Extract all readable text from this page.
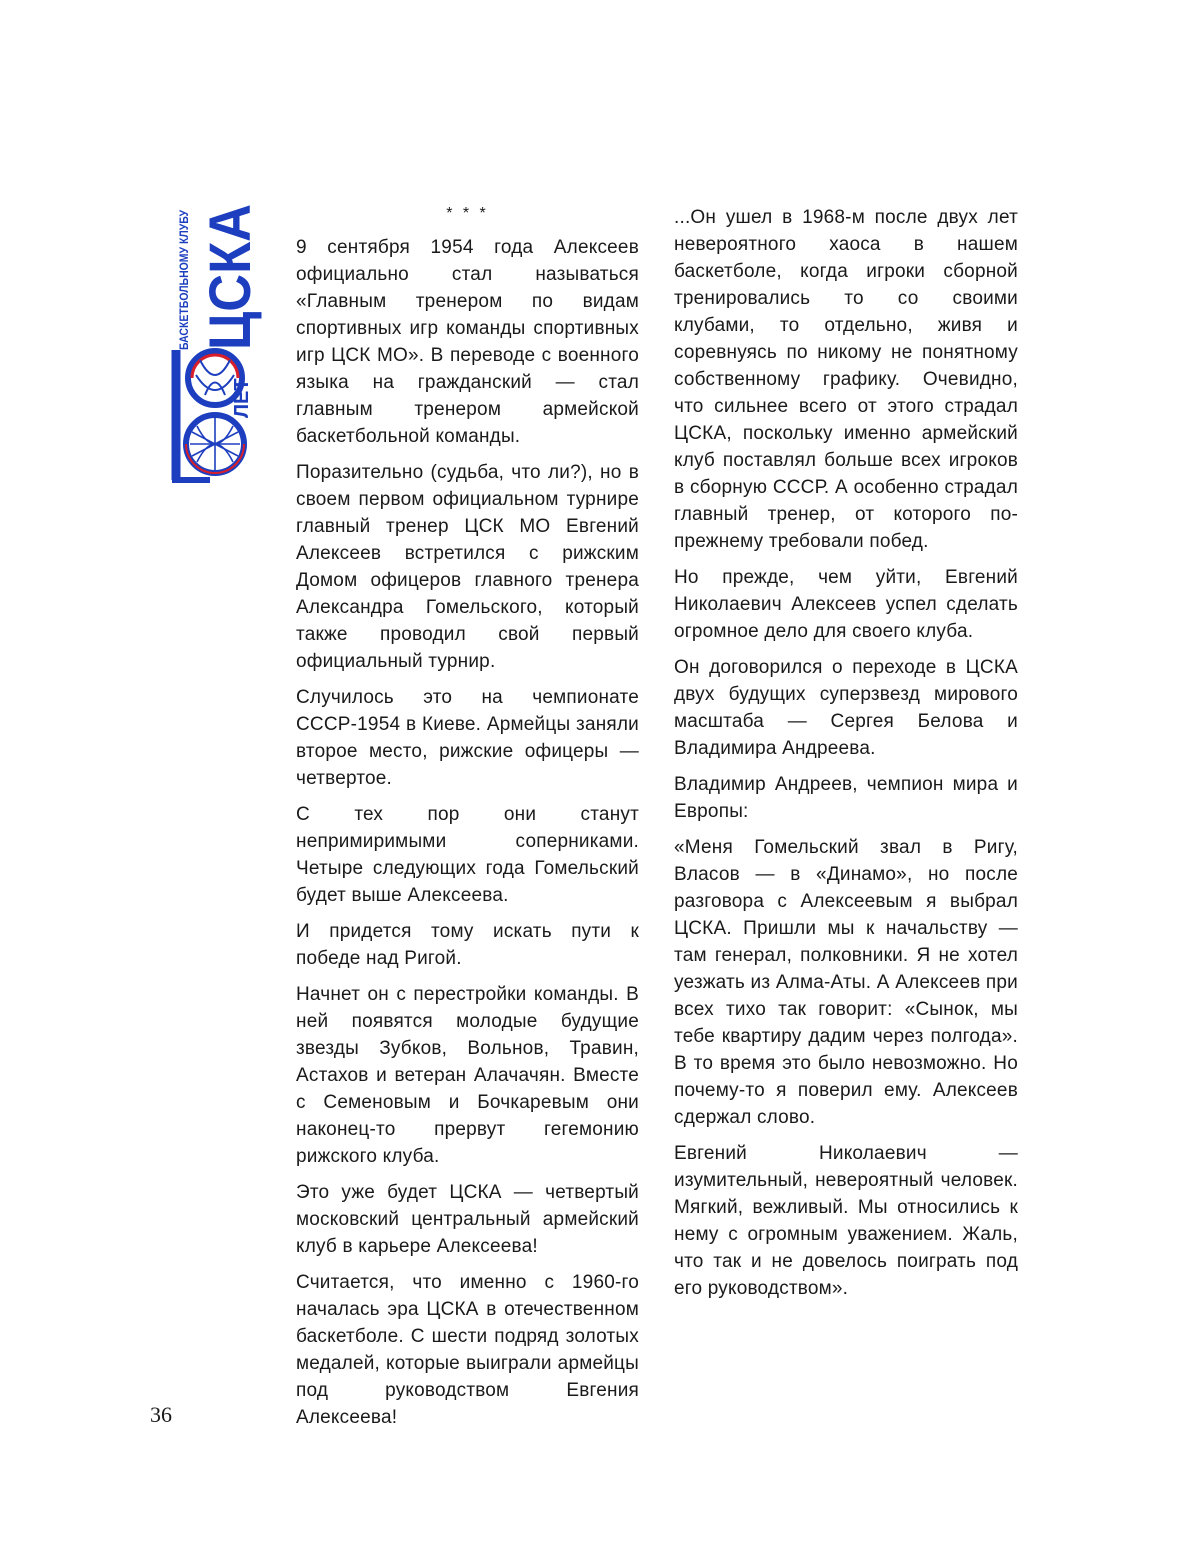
ЛЕТ
ЦСКА
БАСКЕТБОЛЬНОМУ КЛУБУ	* * *

9 сентября 1954 года Алексеев официально стал называться «Главным тренером по видам спортивных игр команды спортивных игр ЦСК МО». В переводе с военного языка на гражданский — стал главным тренером армейской баскетбольной команды.

Поразительно (судьба, что ли?), но в своем первом официальном турнире главный тренер ЦСК МО Евгений Алексеев встретился с рижским Домом офицеров главного тренера Александра Гомельского, который также проводил свой первый официальный турнир.

Случилось это на чемпионате СССР-1954 в Киеве. Армейцы заняли второе место, рижские офицеры — четвертое.

С тех пор они станут непримиримыми соперниками. Четыре следующих года Гомельский будет выше Алексеева.

И придется тому искать пути к победе над Ригой.

Начнет он с перестройки команды. В ней появятся молодые будущие звезды Зубков, Вольнов, Травин, Астахов и ветеран Алачачян. Вместе с Семеновым и Бочкаревым они наконец-то прервут гегемонию рижского клуба.

Это уже будет ЦСКА — четвертый московский центральный армейский клуб в карьере Алексеева!

Считается, что именно с 1960-го началась эра ЦСКА в отечественном баскетболе. С шести подряд золотых медалей, которые выиграли армейцы под руководством Евгения Алексеева!

...Он ушел в 1968-м после двух лет невероятного хаоса в нашем баскетболе, когда игроки сборной тренировались то со своими клубами, то отдельно, живя и соревнуясь по никому не понятному собственному графику. Очевидно, что сильнее всего от этого страдал ЦСКА, поскольку именно армейский клуб поставлял больше всех игроков в сборную СССР. А особенно страдал главный тренер, от которого по-прежнему требовали побед.

Но прежде, чем уйти, Евгений Николаевич Алексеев успел сделать огромное дело для своего клуба.

Он договорился о переходе в ЦСКА двух будущих суперзвезд мирового масштаба — Сергея Белова и Владимира Андреева.

Владимир Андреев, чемпион мира и Европы:

«Меня Гомельский звал в Ригу, Власов — в «Динамо», но после разговора с Алексеевым я выбрал ЦСКА. Пришли мы к начальству — там генерал, полковники. Я не хотел уезжать из Алма-Аты. А Алексеев при всех тихо так говорит: «Сынок, мы тебе квартиру дадим через полгода». В то время это было невозможно. Но почему-то я поверил ему. Алексеев сдержал слово.

Евгений Николаевич — изумительный, невероятный человек. Мягкий, вежливый. Мы относились к нему с огромным уважением. Жаль, что так и не довелось поиграть под его руководством».

36
